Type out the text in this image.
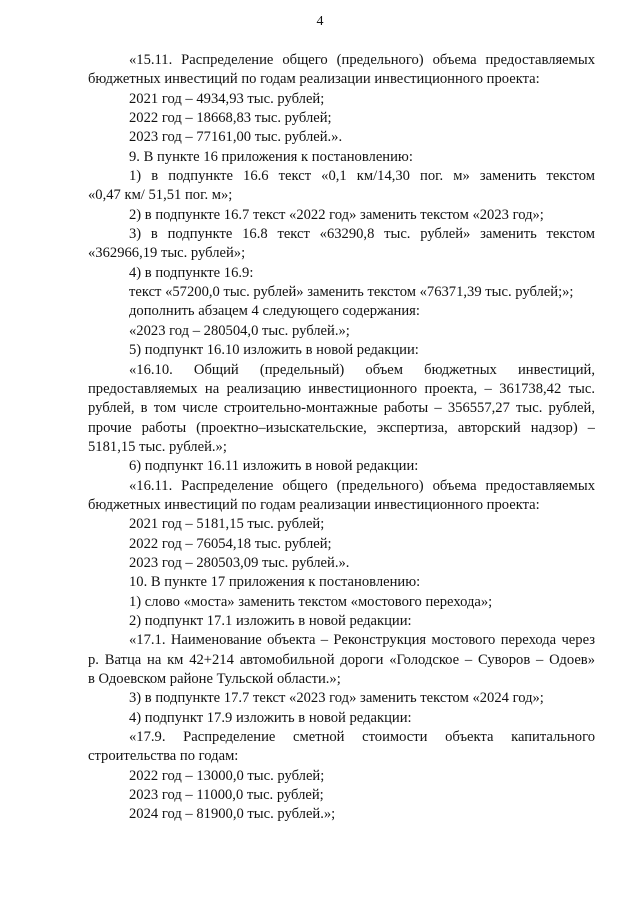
4
«15.11. Распределение общего (предельного) объема предоставляемых
бюджетных инвестиций по годам реализации инвестиционного проекта:
2021 год – 4934,93 тыс. рублей;
2022 год – 18668,83 тыс. рублей;
2023 год – 77161,00 тыс. рублей.».
9. В пункте 16 приложения к постановлению:
1) в подпункте 16.6 текст «0,1 км/14,30 пог. м» заменить текстом
«0,47 км/ 51,51 пог. м»;
2) в подпункте 16.7 текст «2022 год» заменить текстом «2023 год»;
3) в подпункте 16.8 текст «63290,8 тыс. рублей» заменить текстом
«362966,19 тыс. рублей»;
4) в подпункте 16.9:
текст «57200,0 тыс. рублей» заменить текстом «76371,39 тыс. рублей;»;
дополнить абзацем 4 следующего содержания:
«2023 год – 280504,0 тыс. рублей.»;
5) подпункт 16.10 изложить в новой редакции:
«16.10. Общий (предельный) объем бюджетных инвестиций,
предоставляемых на реализацию инвестиционного проекта, – 361738,42 тыс.
рублей, в том числе строительно-монтажные работы – 356557,27 тыс. рублей,
прочие работы (проектно–изыскательские, экспертиза, авторский надзор) –
5181,15 тыс. рублей.»;
6) подпункт 16.11 изложить в новой редакции:
«16.11. Распределение общего (предельного) объема предоставляемых
бюджетных инвестиций по годам реализации инвестиционного проекта:
2021 год – 5181,15 тыс. рублей;
2022 год – 76054,18 тыс. рублей;
2023 год – 280503,09 тыс. рублей.».
10. В пункте 17 приложения к постановлению:
1) слово «моста» заменить текстом «мостового перехода»;
2) подпункт 17.1 изложить в новой редакции:
«17.1. Наименование объекта – Реконструкция мостового перехода через
р. Ватца на км 42+214 автомобильной дороги «Голодское – Суворов – Одоев»
в Одоевском районе Тульской области.»;
3) в подпункте 17.7 текст «2023 год» заменить текстом «2024 год»;
4) подпункт 17.9 изложить в новой редакции:
«17.9. Распределение сметной стоимости объекта капитального
строительства по годам:
2022 год – 13000,0 тыс. рублей;
2023 год – 11000,0 тыс. рублей;
2024 год – 81900,0 тыс. рублей.»;
